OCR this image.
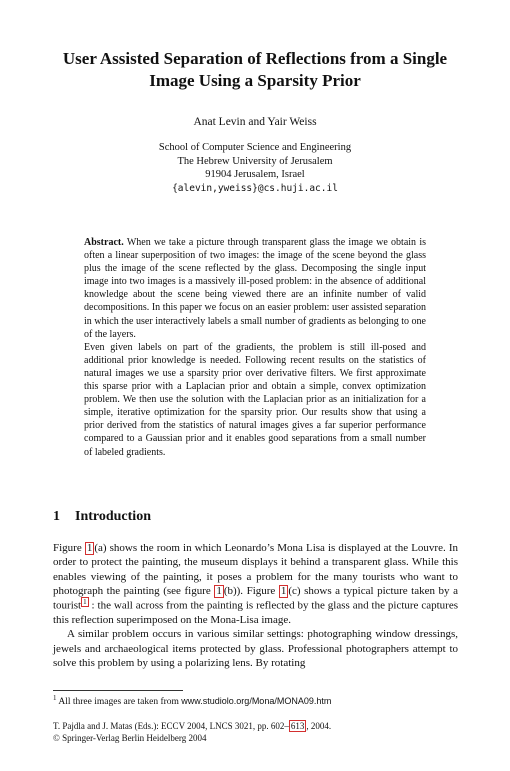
User Assisted Separation of Reflections from a Single Image Using a Sparsity Prior
Anat Levin and Yair Weiss
School of Computer Science and Engineering
The Hebrew University of Jerusalem
91904 Jerusalem, Israel
{alevin,yweiss}@cs.huji.ac.il

Abstract. When we take a picture through transparent glass the image we obtain is often a linear superposition of two images: the image of the scene beyond the glass plus the image of the scene reflected by the glass. Decomposing the single input image into two images is a massively ill-posed problem: in the absence of additional knowledge about the scene being viewed there are an infinite number of valid decompositions. In this paper we focus on an easier problem: user assisted separation in which the user interactively labels a small number of gradients as belonging to one of the layers.

Even given labels on part of the gradients, the problem is still ill-posed and additional prior knowledge is needed. Following recent results on the statistics of natural images we use a sparsity prior over derivative filters. We first approximate this sparse prior with a Laplacian prior and obtain a simple, convex optimization problem. We then use the solution with the Laplacian prior as an initialization for a simple, iterative optimization for the sparsity prior. Our results show that using a prior derived from the statistics of natural images gives a far superior performance compared to a Gaussian prior and it enables good separations from a small number of labeled gradients.

1 Introduction

Figure 1 (a) shows the room in which Leonardo’s Mona Lisa is displayed at the Louvre. In order to protect the painting, the museum displays it behind a transparent glass. While this enables viewing of the painting, it poses a problem for the many tourists who want to photograph the painting (see figure 1 (b)). Figure 1 (c) shows a typical picture taken by a tourist $^1$ : the wall across from the painting is reflected by the glass and the picture captures this reflection superimposed on the Mona-Lisa image.

A similar problem occurs in various similar settings: photographing window dressings, jewels and archaeological items protected by glass. Professional photographers attempt to solve this problem by using a polarizing lens. By rotating

$^1$ All three images are taken from www.studiolo.org/Mona/MONA09.htm
T. Pajdla and J. Matas (Eds.): ECCV 2004, LNCS 3021, pp. 602– 613 , 2004.
© Springer-Verlag Berlin Heidelberg 2004
